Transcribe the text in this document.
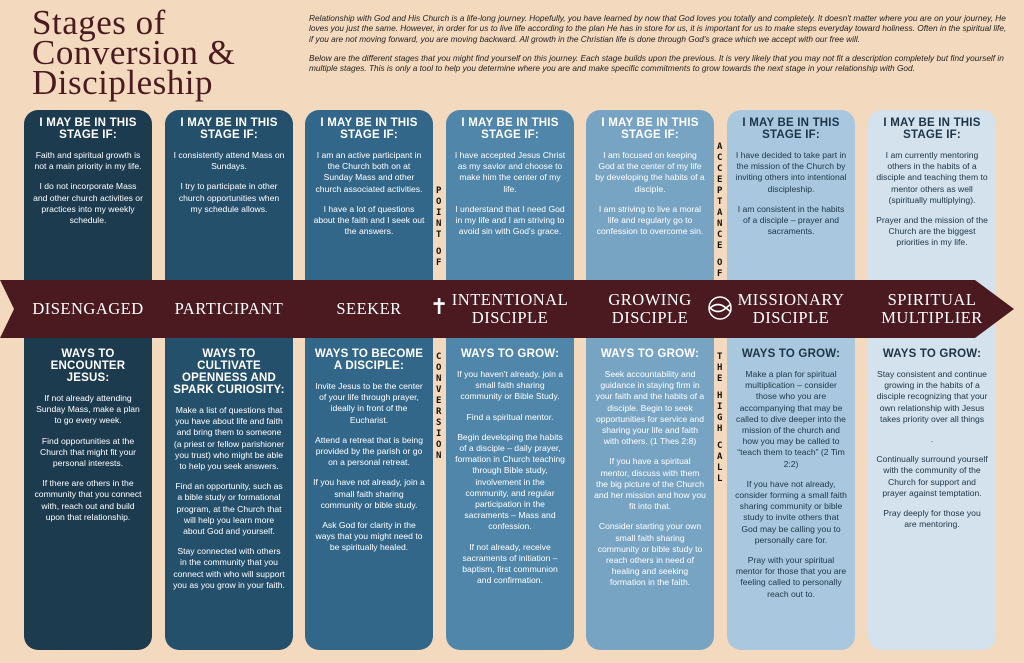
Stages of
Conversion &
Discipleship

Relationship with God and His Church is a life-long journey. Hopefully, you have learned by now that God loves you totally and completely. It doesn't matter where you are on your journey, He loves you just the same. However, in order for us to live life according to the plan He has in store for us, it is important for us to make steps everyday toward holiness. Often in the spiritual life, if you are not moving forward, you are moving backward. All growth in the Christian life is done through God's grace which we accept with our free will.

Below are the different stages that you might find yourself on this journey. Each stage builds upon the previous. It is very likely that you may not fit a description completely but find yourself in multiple stages. This is only a tool to help you determine where you are and make specific commitments to grow towards the next stage in your relationship with God.

I MAY BE IN THIS STAGE IF:

Faith and spiritual growth is not a main priority in my life.

I do not incorporate Mass and other church activities or practices into my weekly schedule.

WAYS TO ENCOUNTER JESUS:

If not already attending Sunday Mass, make a plan to go every week.

Find opportunities at the Church that might fit your personal interests.

If there are others in the community that you connect with, reach out and build upon that relationship.

I MAY BE IN THIS STAGE IF:

I consistently attend Mass on Sundays.

I try to participate in other church opportunities when my schedule allows.

WAYS TO CULTIVATE OPENNESS AND SPARK CURIOSITY:

Make a list of questions that you have about life and faith and bring them to someone (a priest or fellow parishioner you trust) who might be able to help you seek answers.

Find an opportunity, such as a bible study or formational program, at the Church that will help you learn more about God and yourself.

Stay connected with others in the community that you connect with who will support you as you grow in your faith.

I MAY BE IN THIS STAGE IF:

I am an active participant in the Church both on at Sunday Mass and other church associated activities.

I have a lot of questions about the faith and I seek out the answers.

WAYS TO BECOME A DISCIPLE:

Invite Jesus to be the center of your life through prayer, ideally in front of the Eucharist.

Attend a retreat that is being provided by the parish or go on a personal retreat.

If you have not already, join a small faith sharing community or bible study.

Ask God for clarity in the ways that you might need to be spiritually healed.

I MAY BE IN THIS STAGE IF:

I have accepted Jesus Christ as my savior and choose to make him the center of my life.

I understand that I need God in my life and I am striving to avoid sin with God's grace.

WAYS TO GROW:

If you haven't already, join a small faith sharing community or Bible Study.

Find a spiritual mentor.

Begin developing the habits of a disciple – daily prayer, formation in Church teaching through Bible study, involvement in the community, and regular participation in the sacraments – Mass and confession.

If not already, receive sacraments of initiation – baptism, first communion and confirmation.

I MAY BE IN THIS STAGE IF:

I am focused on keeping God at the center of my life by developing the habits of a disciple.

I am striving to live a moral life and regularly go to confession to overcome sin.

WAYS TO GROW:

Seek accountability and guidance in staying firm in your faith and the habits of a disciple. Begin to seek opportunities for service and sharing your life and faith with others. (1 Thes 2:8)

If you have a spiritual mentor, discuss with them the big picture of the Church and her mission and how you fit into that.

Consider starting your own small faith sharing community or bible study to reach others in need of healing and seeking formation in the faith.

I MAY BE IN THIS STAGE IF:

I have decided to take part in the mission of the Church by inviting others into intentional discipleship.

I am consistent in the habits of a disciple – prayer and sacraments.

WAYS TO GROW:

Make a plan for spiritual multiplication – consider those who you are accompanying that may be called to dive deeper into the mission of the church and how you may be called to “teach them to teach” (2 Tim 2:2)

If you have not already, consider forming a small faith sharing community or bible study to invite others that God may be calling you to personally care for.

Pray with your spiritual mentor for those that you are feeling called to personally reach out to.

I MAY BE IN THIS STAGE IF:

I am currently mentoring others in the habits of a disciple and teaching them to mentor others as well (spiritually multiplying).

Prayer and the mission of the Church are the biggest priorities in my life.

WAYS TO GROW:

Stay consistent and continue growing in the habits of a disciple recognizing that your own relationship with Jesus takes priority over all things

.

Continually surround yourself with the community of the Church for support and prayer against temptation.

Pray deeply for those you are mentoring.

DISENGAGED PARTICIPANT	SEEKER	INTENTIONAL
DISCIPLE
GROWING
DISCIPLE
MISSIONARY
DISCIPLE
SPIRITUAL
MULTIPLIER
✝
P
O
I
N
T
O
F
C
O
N
V
E
R
S
I
O
N
A
C
C
E
P
T
A
N
C
E
O
F
T
H
E
H
I
G
H
C
A
L
L
